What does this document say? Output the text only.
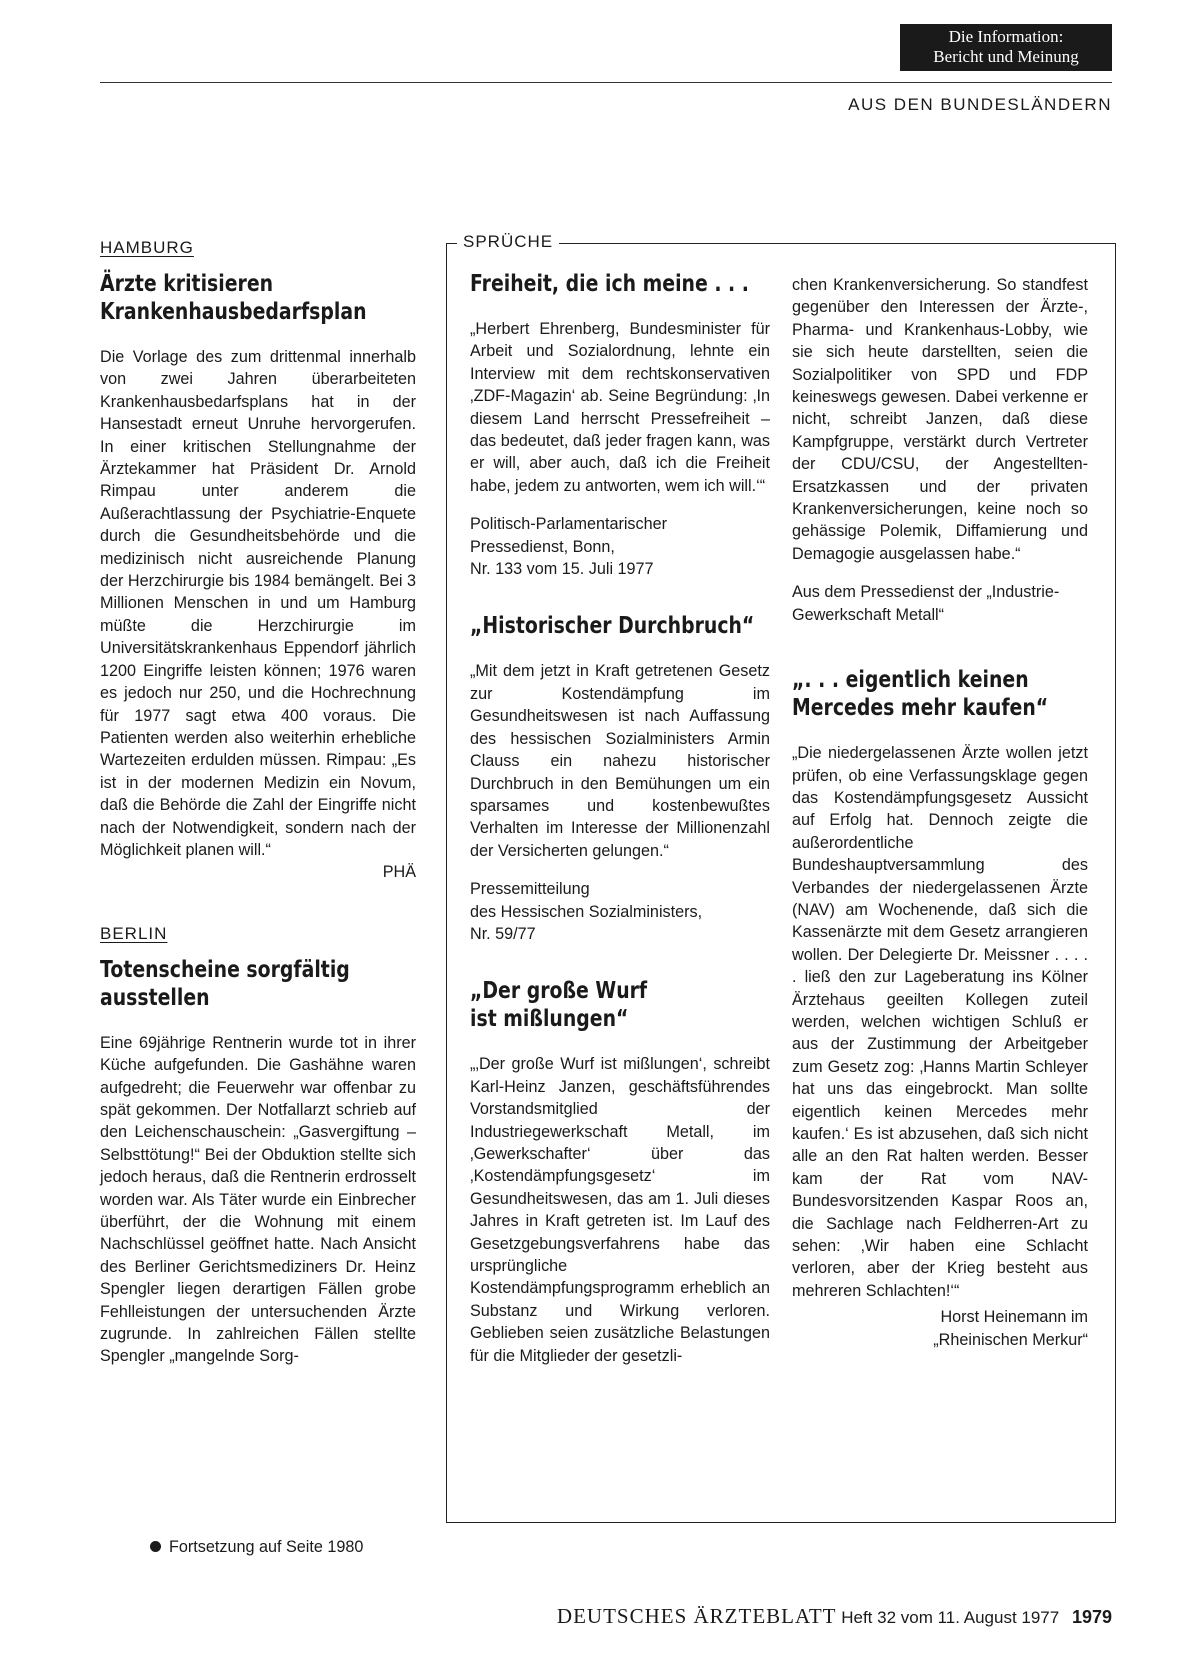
Die Information:
Bericht und Meinung
AUS DEN BUNDESLÄNDERN

HAMBURG

Ärzte kritisieren Krankenhausbedarfsplan

Die Vorlage des zum drittenmal innerhalb von zwei Jahren überarbeiteten Krankenhausbedarfsplans hat in der Hansestadt erneut Unruhe hervorgerufen. In einer kritischen Stellungnahme der Ärztekammer hat Präsident Dr. Arnold Rimpau unter anderem die Außerachtlassung der Psychiatrie-Enquete durch die Gesundheitsbehörde und die medizinisch nicht ausreichende Planung der Herzchirurgie bis 1984 bemängelt. Bei 3 Millionen Menschen in und um Hamburg müßte die Herzchirurgie im Universitätskrankenhaus Eppendorf jährlich 1200 Eingriffe leisten können; 1976 waren es jedoch nur 250, und die Hochrechnung für 1977 sagt etwa 400 voraus. Die Patienten werden also weiterhin erhebliche Wartezeiten erdulden müssen. Rimpau: „Es ist in der modernen Medizin ein Novum, daß die Behörde die Zahl der Eingriffe nicht nach der Notwendigkeit, sondern nach der Möglichkeit planen will.“

PHÄ

BERLIN

Totenscheine sorgfältig ausstellen

Eine 69jährige Rentnerin wurde tot in ihrer Küche aufgefunden. Die Gashähne waren aufgedreht; die Feuerwehr war offenbar zu spät gekommen. Der Notfallarzt schrieb auf den Leichenschauschein: „Gasvergiftung – Selbsttötung!“ Bei der Obduktion stellte sich jedoch heraus, daß die Rentnerin erdrosselt worden war. Als Täter wurde ein Einbrecher überführt, der die Wohnung mit einem Nachschlüssel geöffnet hatte. Nach Ansicht des Berliner Gerichtsmediziners Dr. Heinz Spengler liegen derartigen Fällen grobe Fehlleistungen der untersuchenden Ärzte zugrunde. In zahlreichen Fällen stellte Spengler „mangelnde Sorg-

Fortsetzung auf Seite 1980
SPRÜCHE
Freiheit, die ich meine . . .

„Herbert Ehrenberg, Bundesminister für Arbeit und Sozialordnung, lehnte ein Interview mit dem rechtskonservativen ‚ZDF-Magazin‘ ab. Seine Begründung: ‚In diesem Land herrscht Pressefreiheit – das bedeutet, daß jeder fragen kann, was er will, aber auch, daß ich die Freiheit habe, jedem zu antworten, wem ich will.‘“

Politisch-Parlamentarischer
Pressedienst, Bonn,
Nr. 133 vom 15. Juli 1977

„Historischer Durchbruch“

„Mit dem jetzt in Kraft getretenen Gesetz zur Kostendämpfung im Gesundheitswesen ist nach Auffassung des hessischen Sozialministers Armin Clauss ein nahezu historischer Durchbruch in den Bemühungen um ein sparsames und kostenbewußtes Verhalten im Interesse der Millionenzahl der Versicherten gelungen.“

Pressemitteilung
des Hessischen Sozialministers,
Nr. 59/77

„Der große Wurf
ist mißlungen“

„‚Der große Wurf ist mißlungen‘, schreibt Karl-Heinz Janzen, geschäftsführendes Vorstandsmitglied der Industriegewerkschaft Metall, im ‚Gewerkschafter‘ über das ‚Kostendämpfungsgesetz‘ im Gesundheitswesen, das am 1. Juli dieses Jahres in Kraft getreten ist. Im Lauf des Gesetzgebungsverfahrens habe das ursprüngliche Kostendämpfungsprogramm erheblich an Substanz und Wirkung verloren. Geblieben seien zusätzliche Belastungen für die Mitglieder der gesetzli-

chen Krankenversicherung. So standfest gegenüber den Interessen der Ärzte-, Pharma- und Krankenhaus-Lobby, wie sie sich heute darstellten, seien die Sozialpolitiker von SPD und FDP keineswegs gewesen. Dabei verkenne er nicht, schreibt Janzen, daß diese Kampfgruppe, verstärkt durch Vertreter der CDU/CSU, der Angestellten-Ersatzkassen und der privaten Krankenversicherungen, keine noch so gehässige Polemik, Diffamierung und Demagogie ausgelassen habe.“

Aus dem Pressedienst der „Industrie-Gewerkschaft Metall“

„. . . eigentlich keinen
Mercedes mehr kaufen“

„Die niedergelassenen Ärzte wollen jetzt prüfen, ob eine Verfassungsklage gegen das Kostendämpfungsgesetz Aussicht auf Erfolg hat. Dennoch zeigte die außerordentliche Bundeshauptversammlung des Verbandes der niedergelassenen Ärzte (NAV) am Wochenende, daß sich die Kassenärzte mit dem Gesetz arrangieren wollen. Der Delegierte Dr. Meissner . . . . . ließ den zur Lageberatung ins Kölner Ärztehaus geeilten Kollegen zuteil werden, welchen wichtigen Schluß er aus der Zustimmung der Arbeitgeber zum Gesetz zog: ‚Hanns Martin Schleyer hat uns das eingebrockt. Man sollte eigentlich keinen Mercedes mehr kaufen.‘ Es ist abzusehen, daß sich nicht alle an den Rat halten werden. Besser kam der Rat vom NAV-Bundesvorsitzenden Kaspar Roos an, die Sachlage nach Feldherren-Art zu sehen: ‚Wir haben eine Schlacht verloren, aber der Krieg besteht aus mehreren Schlachten!‘“

Horst Heinemann im
„Rheinischen Merkur“

DEUTSCHES ÄRZTEBLATT Heft 32 vom 11. August 1977 1979
